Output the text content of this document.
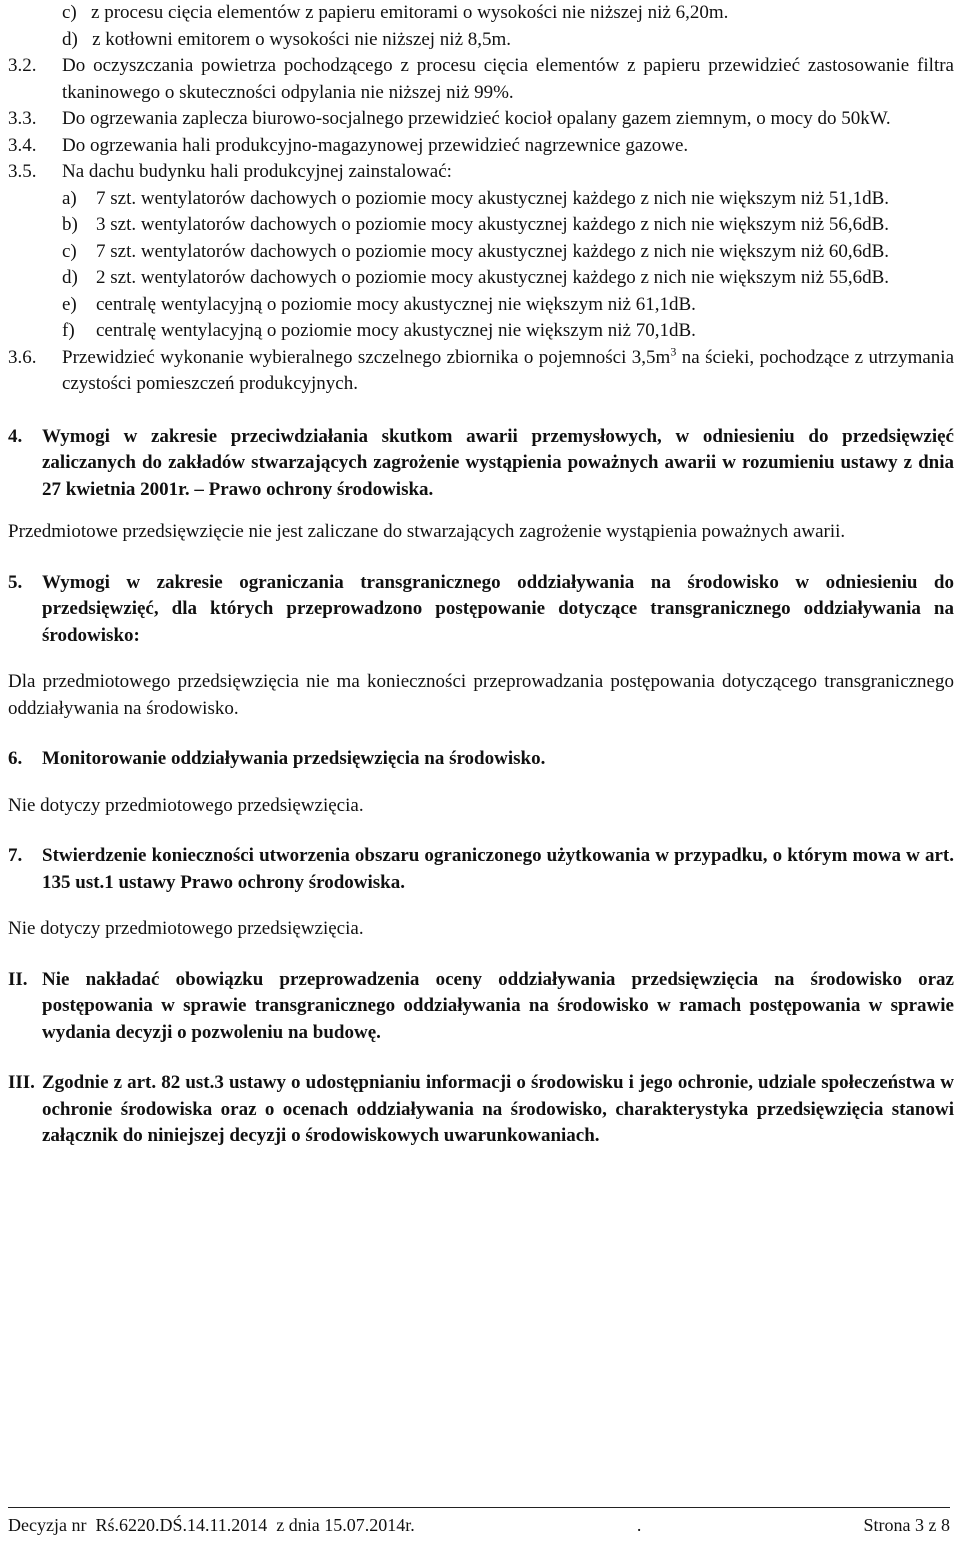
c)   z procesu cięcia elementów z papieru emitorami o wysokości nie niższej niż 6,20m.
d)   z kotłowni emitorem o wysokości nie niższej niż 8,5m.
3.2.	Do oczyszczania powietrza pochodzącego z procesu cięcia elementów z papieru przewidzieć zastosowanie filtra tkaninowego o skuteczności odpylania nie niższej niż 99%.
3.3.	Do ogrzewania zaplecza biurowo-socjalnego przewidzieć kocioł opalany gazem ziemnym, o mocy do 50kW.
3.4.	Do ogrzewania hali produkcyjno-magazynowej przewidzieć nagrzewnice gazowe.
3.5.	Na dachu budynku hali produkcyjnej zainstalować:
a)	7 szt. wentylatorów dachowych o poziomie mocy akustycznej każdego z nich nie większym niż 51,1dB.
b) 3 szt. wentylatorów dachowych o poziomie mocy akustycznej każdego z nich nie większym niż 56,6dB.
c)	7 szt. wentylatorów dachowych o poziomie mocy akustycznej każdego z nich nie większym niż 60,6dB.
d) 2 szt. wentylatorów dachowych o poziomie mocy akustycznej każdego z nich nie większym niż 55,6dB.
e)	centralę wentylacyjną o poziomie mocy akustycznej nie większym niż 61,1dB.
f)	centralę wentylacyjną o poziomie mocy akustycznej nie większym niż 70,1dB.
3.6.	Przewidzieć wykonanie wybieralnego szczelnego zbiornika o pojemności $3,5m^3$ na ścieki, pochodzące z utrzymania czystości pomieszczeń produkcyjnych.
4.	Wymogi w zakresie przeciwdziałania skutkom awarii przemysłowych, w odniesieniu do przedsięwzięć zaliczanych do zakładów stwarzających zagrożenie wystąpienia poważnych awarii w rozumieniu ustawy z dnia 27 kwietnia 2001r. – Prawo ochrony środowiska.
Przedmiotowe przedsięwzięcie nie jest zaliczane do stwarzających zagrożenie wystąpienia poważnych awarii.
5.	Wymogi w zakresie ograniczania transgranicznego oddziaływania na środowisko w odniesieniu do przedsięwzięć, dla których przeprowadzono postępowanie dotyczące transgranicznego oddziaływania na środowisko:
Dla przedmiotowego przedsięwzięcia nie ma konieczności przeprowadzania postępowania dotyczącego transgranicznego oddziaływania na środowisko.
6.	Monitorowanie oddziaływania przedsięwzięcia na środowisko.
Nie dotyczy przedmiotowego przedsięwzięcia.
7.	Stwierdzenie konieczności utworzenia obszaru ograniczonego użytkowania w przypadku, o którym mowa w art. 135 ust.1 ustawy Prawo ochrony środowiska.
Nie dotyczy przedmiotowego przedsięwzięcia.
II. Nie nakładać obowiązku przeprowadzenia oceny oddziaływania przedsięwzięcia na środowisko oraz postępowania w sprawie transgranicznego oddziaływania na środowisko w ramach postępowania w sprawie wydania decyzji o pozwoleniu na budowę.
III. Zgodnie z art. 82 ust.3 ustawy o udostępnianiu informacji o środowisku i jego ochronie, udziale społeczeństwa w ochronie środowiska oraz o ocenach oddziaływania na środowisko, charakterystyka przedsięwzięcia stanowi załącznik do niniejszej decyzji o środowiskowych uwarunkowaniach.
Decyzja nr  Rś.6220.DŚ.14.11.2014  z dnia 15.07.2014r.	.	Strona 3 z 8
